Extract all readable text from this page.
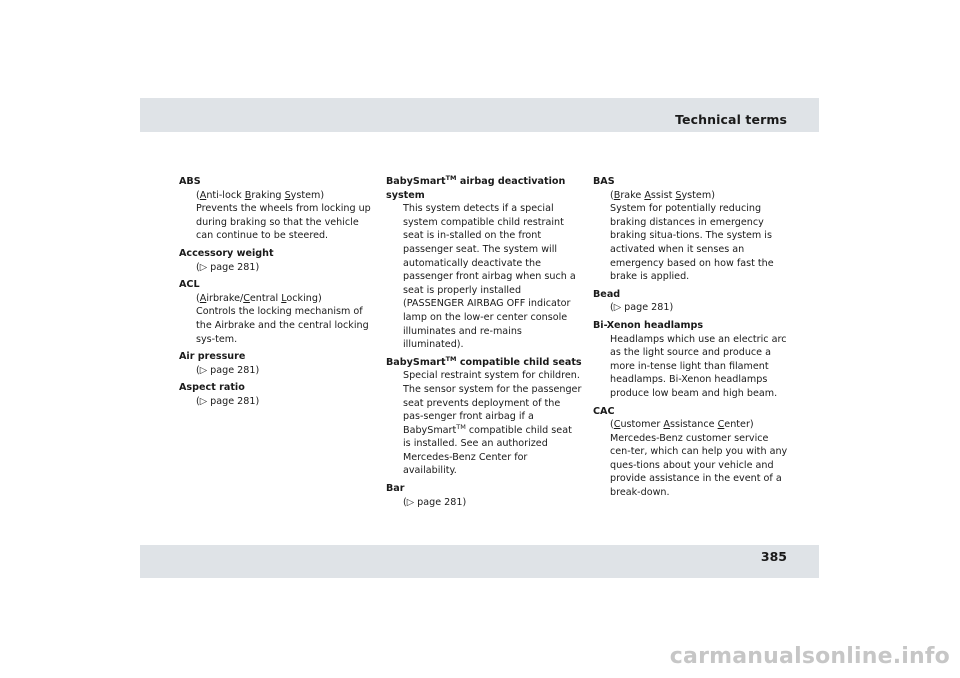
Technical terms
ABS
(Anti-lock Braking System)
Prevents the wheels from locking up during braking so that the vehicle can continue to be steered.
Accessory weight
(▷ page 281)
ACL
(Airbrake/Central Locking)
Controls the locking mechanism of the Airbrake and the central locking sys-tem.
Air pressure
(▷ page 281)
Aspect ratio
(▷ page 281)
BabySmart™ airbag deactivation system
This system detects if a special system compatible child restraint seat is in-stalled on the front passenger seat. The system will automatically deactivate the passenger front airbag when such a seat is properly installed (PASSENGER AIRBAG OFF indicator lamp on the low-er center console illuminates and re-mains illuminated).
BabySmart™ compatible child seats
Special restraint system for children. The sensor system for the passenger seat prevents deployment of the pas-senger front airbag if a BabySmart™ compatible child seat is installed. See an authorized Mercedes-Benz Center for availability.
Bar
(▷ page 281)
BAS
(Brake Assist System)
System for potentially reducing braking distances in emergency braking situa-tions. The system is activated when it senses an emergency based on how fast the brake is applied.
Bead
(▷ page 281)
Bi-Xenon headlamps
Headlamps which use an electric arc as the light source and produce a more in-tense light than filament headlamps. Bi-Xenon headlamps produce low beam and high beam.
CAC
(Customer Assistance Center)
Mercedes-Benz customer service cen-ter, which can help you with any ques-tions about your vehicle and provide assistance in the event of a break-down.
385
carmanualsonline.info
